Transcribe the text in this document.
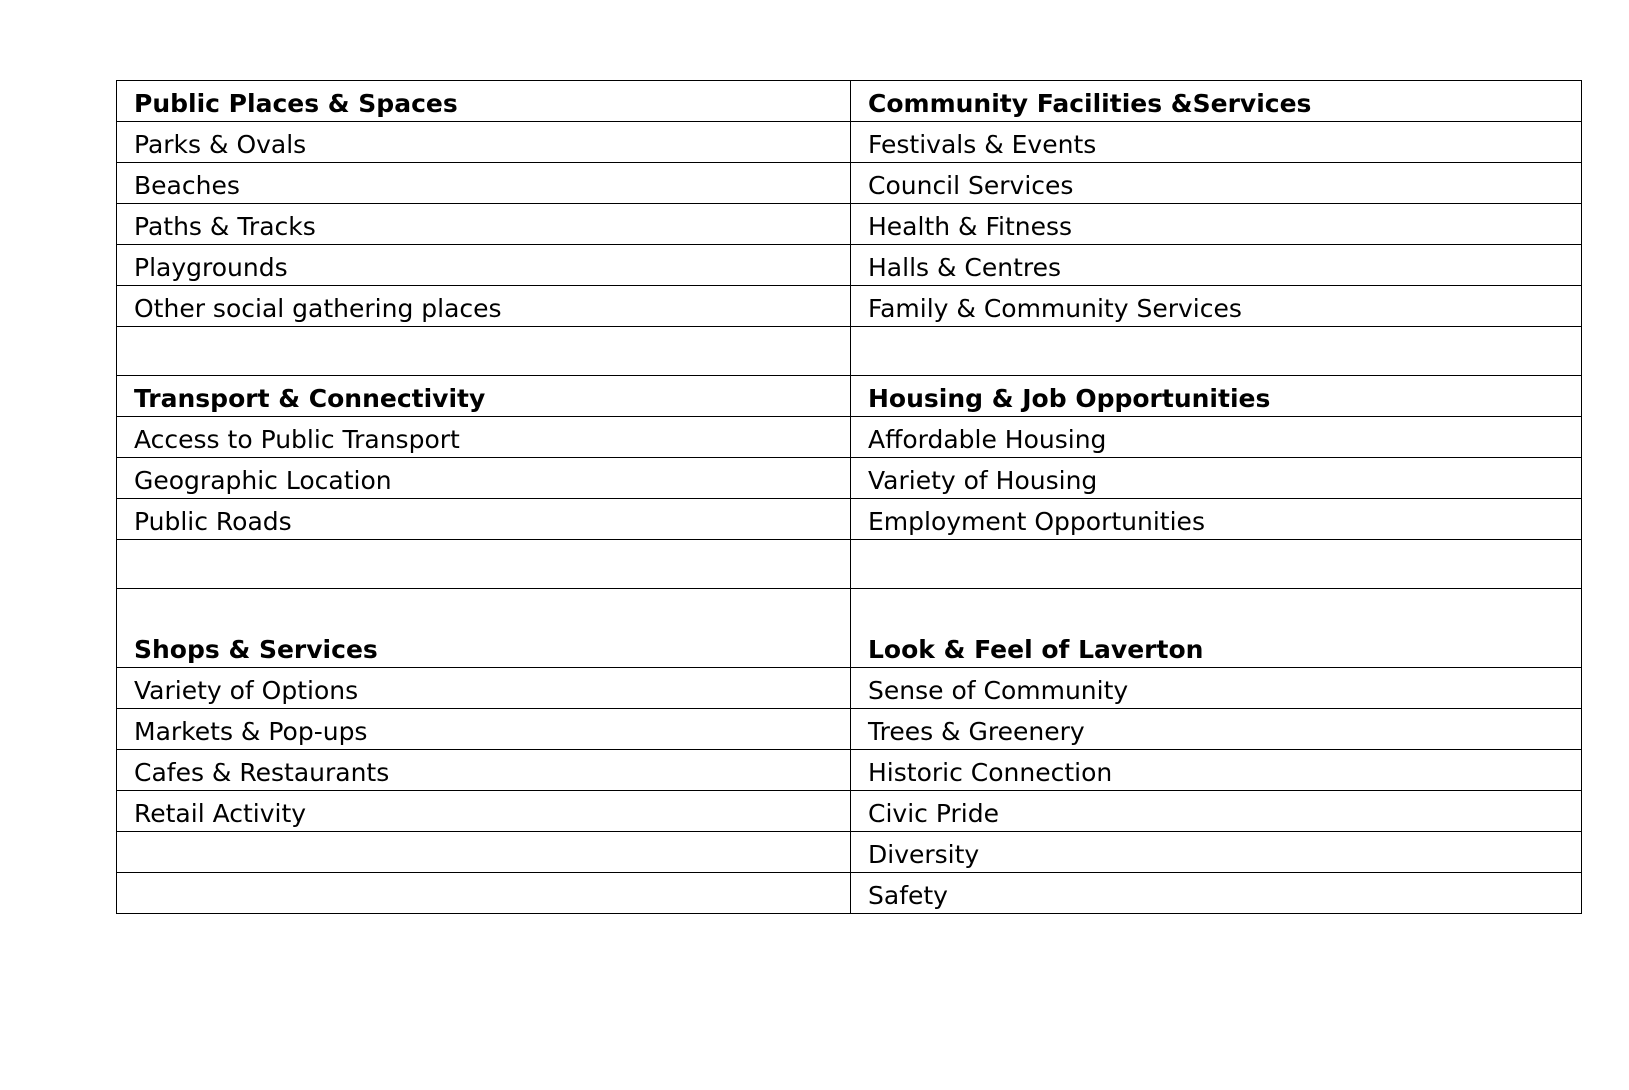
Public Places & Spaces	Community Facilities &Services
Parks & Ovals	Festivals & Events
Beaches	Council Services
Paths & Tracks	Health & Fitness
Playgrounds	Halls & Centres
Other social gathering places	Family & Community Services

Transport & Connectivity	Housing & Job Opportunities
Access to Public Transport	Affordable Housing
Geographic Location	Variety of Housing
Public Roads	Employment Opportunities

Shops & Services	Look & Feel of Laverton
Variety of Options	Sense of Community
Markets & Pop-ups	Trees & Greenery
Cafes & Restaurants	Historic Connection
Retail Activity	Civic Pride
	Diversity
	Safety
